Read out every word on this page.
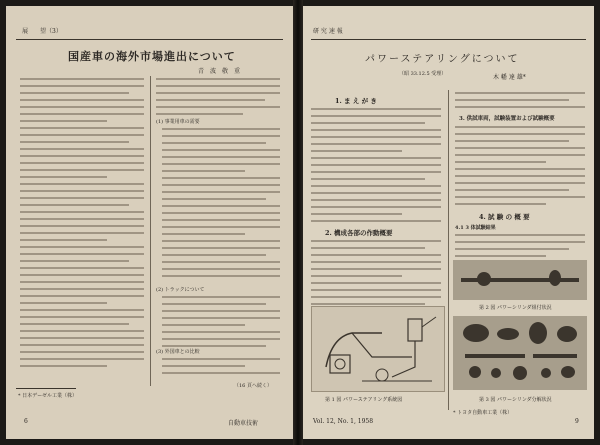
展　　望（3）
国産車の海外市場進出について
青　波　敬　重
(1) 事業用車の需要
(2) トラックについて
(3) 外国車との比較
（16 頁へ続く）
* 日本デーゼル工業（株）
6	自動車技術
研 究 速 報
パワーステアリングについて
（昭 33.12.5 受理）	木 幡 達 雄*
1. ま え が き
2. 構成各部の作動概要
第 1 図 パワーステアリング系統図
3. 供試車両，試験装置および試験概要
4. 試 験 の 概 要
4.1 3 体試験結果
第 2 図 パワーシリンダ組付状況
第 3 図 パワーシリンダ分解状況
Vol. 12, No. 1, 1958	9
* トヨタ自動車工業（株）
